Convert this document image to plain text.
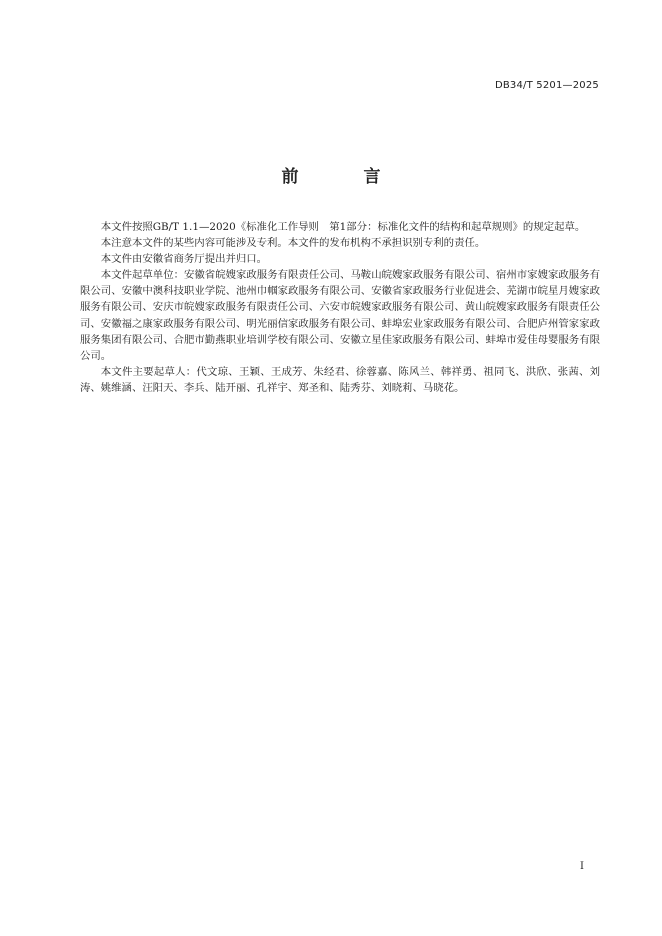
DB34/T 5201—2025
前　言

本文件按照GB/T 1.1—2020《标准化工作导则　第1部分：标准化文件的结构和起草规则》的规定起草。

本注意本文件的某些内容可能涉及专利。本文件的发布机构不承担识别专利的责任。

本文件由安徽省商务厅提出并归口。

本文件起草单位：安徽省皖嫂家政服务有限责任公司、马鞍山皖嫂家政服务有限公司、宿州市家嫂家政服务有限公司、安徽中澳科技职业学院、池州巾帼家政服务有限公司、安徽省家政服务行业促进会、芜湖市皖星月嫂家政服务有限公司、安庆市皖嫂家政服务有限责任公司、六安市皖嫂家政服务有限公司、黄山皖嫂家政服务有限责任公司、安徽福之康家政服务有限公司、明光丽信家政服务有限公司、蚌埠宏业家政服务有限公司、合肥庐州管家家政服务集团有限公司、合肥市勤燕职业培训学校有限公司、安徽立星佳家政服务有限公司、蚌埠市爱佳母婴服务有限公司。

本文件主要起草人：代文琼、王颖、王成芳、朱经君、徐蓉嘉、陈风兰、韩祥勇、祖同飞、洪欣、张茜、刘涛、姚维涵、汪阳天、李兵、陆开丽、孔祥宇、郑圣和、陆秀芬、刘晓莉、马晓花。

I
